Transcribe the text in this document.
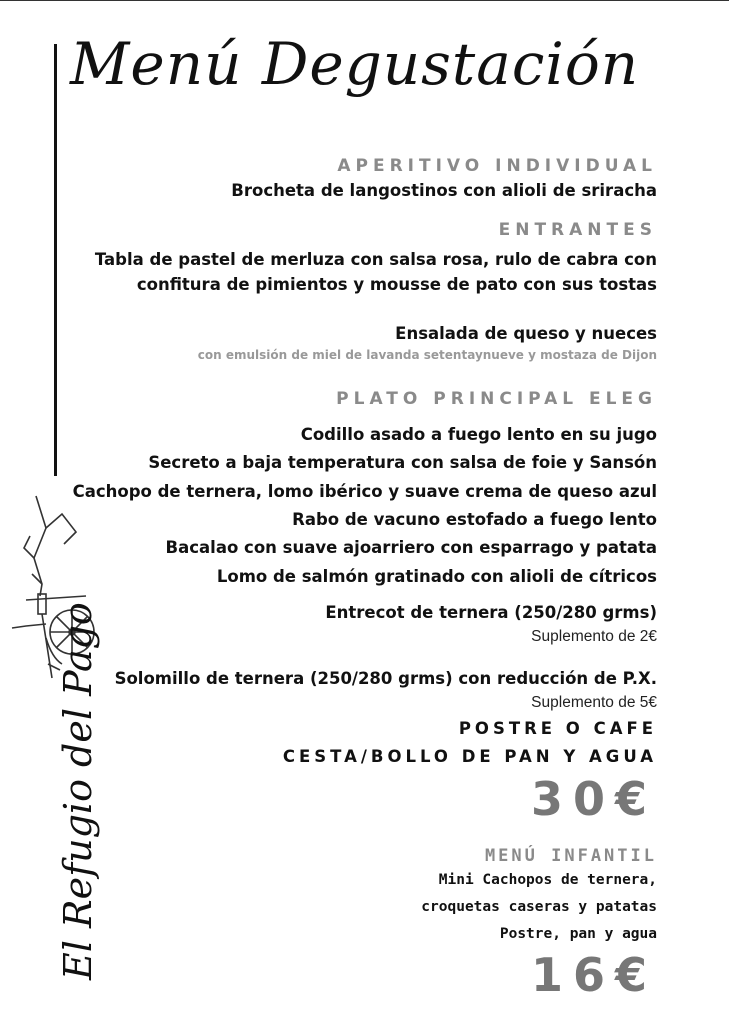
Menú Degustación
APERITIVO INDIVIDUAL
Brocheta de langostinos con alioli de sriracha
ENTRANTES
Tabla de pastel de merluza con salsa rosa, rulo de cabra con
confitura de pimientos y mousse de pato con sus tostas
Ensalada de queso y nueces
con emulsión de miel de lavanda setentaynueve y mostaza de Dijon
PLATO PRINCIPAL ELEG
Codillo asado a fuego lento en su jugo
Secreto a baja temperatura con salsa de foie y Sansón
Cachopo de ternera, lomo ibérico y suave crema de queso azul
Rabo de vacuno estofado a fuego lento
Bacalao con suave ajoarriero con esparrago y patata
Lomo de salmón gratinado con alioli de cítricos
Entrecot de ternera (250/280 grms)
Suplemento de 2€
Solomillo de ternera (250/280 grms) con reducción de P.X.
Suplemento de 5€
POSTRE O CAFE
CESTA/BOLLO DE PAN Y AGUA
30€
MENÚ INFANTIL
Mini Cachopos de ternera,
croquetas caseras y patatas
Postre, pan y agua
16€
El Refugio del Pago
